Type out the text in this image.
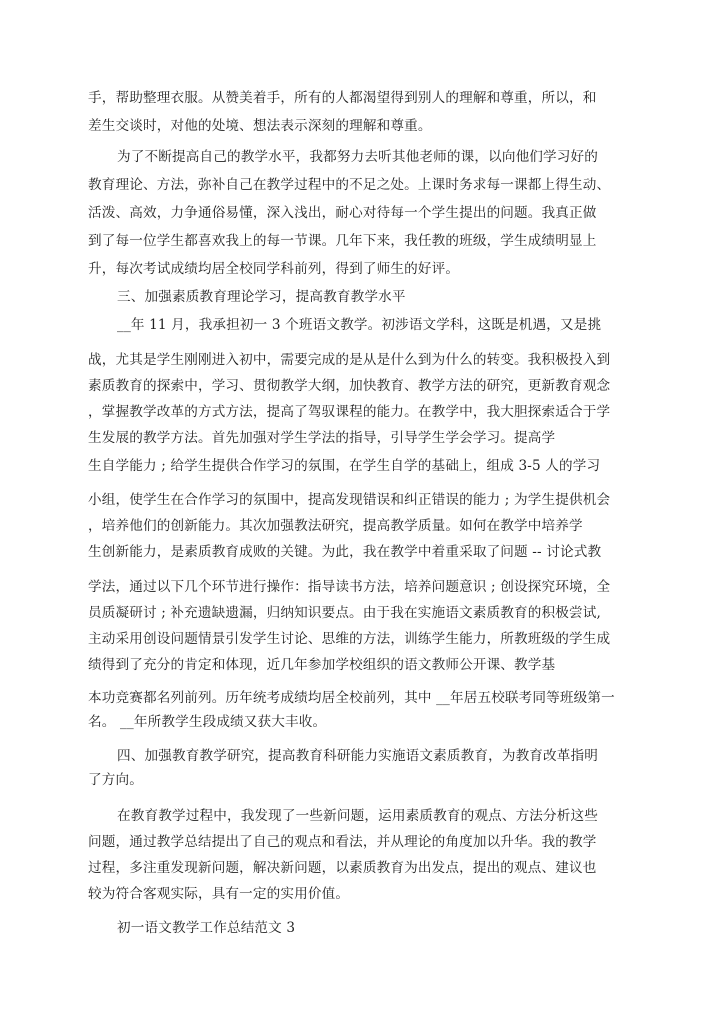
手，帮助整理衣服。从赞美着手，所有的人都渴望得到别人的理解和尊重，所以，和

差生交谈时，对他的处境、想法表示深刻的理解和尊重。

为了不断提高自己的教学水平，我都努力去听其他老师的课，以向他们学习好的

教育理论、方法，弥补自己在教学过程中的不足之处。上课时务求每一课都上得生动、

活泼、高效，力争通俗易懂，深入浅出，耐心对待每一个学生提出的问题。我真正做

到了每一位学生都喜欢我上的每一节课。几年下来，我任教的班级，学生成绩明显上

升，每次考试成绩均居全校同学科前列，得到了师生的好评。

三、加强素质教育理论学习，提高教育教学水平

__年 11 月，我承担初一 3 个班语文教学。初涉语文学科，这既是机遇，又是挑

战，尤其是学生刚刚进入初中，需要完成的是从是什么到为什么的转变。我积极投入到

素质教育的探索中，学习、贯彻教学大纲，加快教育、教学方法的研究，更新教育观念

，掌握教学改革的方式方法，提高了驾驭课程的能力。在教学中，我大胆探索适合于学

生发展的教学方法。首先加强对学生学法的指导，引导学生学会学习。提高学

生自学能力 ; 给学生提供合作学习的氛围，在学生自学的基础上，组成 3-5 人的学习

小组，使学生在合作学习的氛围中，提高发现错误和纠正错误的能力 ; 为学生提供机会

，培养他们的创新能力。其次加强教法研究，提高教学质量。如何在教学中培养学

生创新能力，是素质教育成败的关键。为此，我在教学中着重采取了问题 -- 讨论式教

学法，通过以下几个环节进行操作：指导读书方法，培养问题意识 ; 创设探究环境，全

员质凝研讨 ; 补充遗缺遗漏，归纳知识要点。由于我在实施语文素质教育的积极尝试,

主动采用创设问题情景引发学生讨论、思维的方法，训练学生能力，所教班级的学生成

绩得到了充分的肯定和体现，近几年参加学校组织的语文教师公开课、教学基

本功竞赛都名列前列。历年统考成绩均居全校前列，其中 __年居五校联考同等班级第一

名。 __年所教学生段成绩又获大丰收。

四、加强教育教学研究，提高教育科研能力实施语文素质教育，为教育改革指明

了方向。

在教育教学过程中，我发现了一些新问题，运用素质教育的观点、方法分析这些

问题，通过教学总结提出了自己的观点和看法，并从理论的角度加以升华。我的教学

过程，多注重发现新问题，解决新问题，以素质教育为出发点，提出的观点、建议也

较为符合客观实际，具有一定的实用价值。

初一语文教学工作总结范文 3
